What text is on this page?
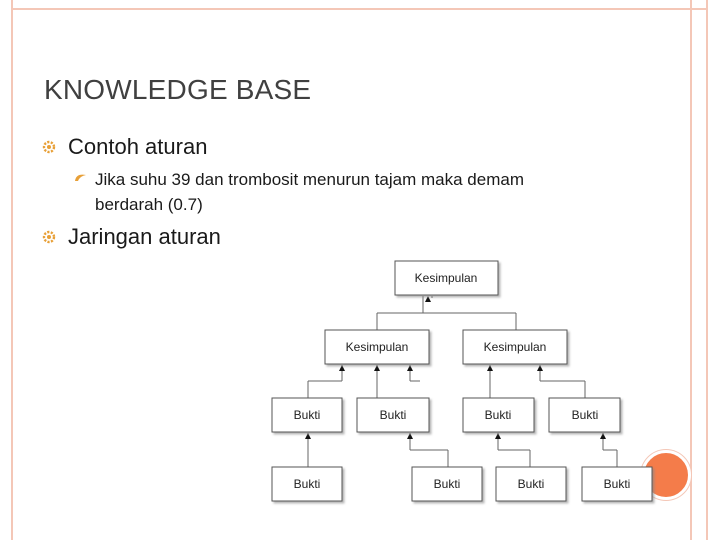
KNOWLEDGE BASE
Contoh aturan
Jika suhu 39 dan trombosit menurun tajam maka demam berdarah (0.7)
Jaringan aturan
Kesimpulan
Kesimpulan	Kesimpulan
Bukti	Bukti	Bukti	Bukti
Bukti	Bukti	Bukti	Bukti
